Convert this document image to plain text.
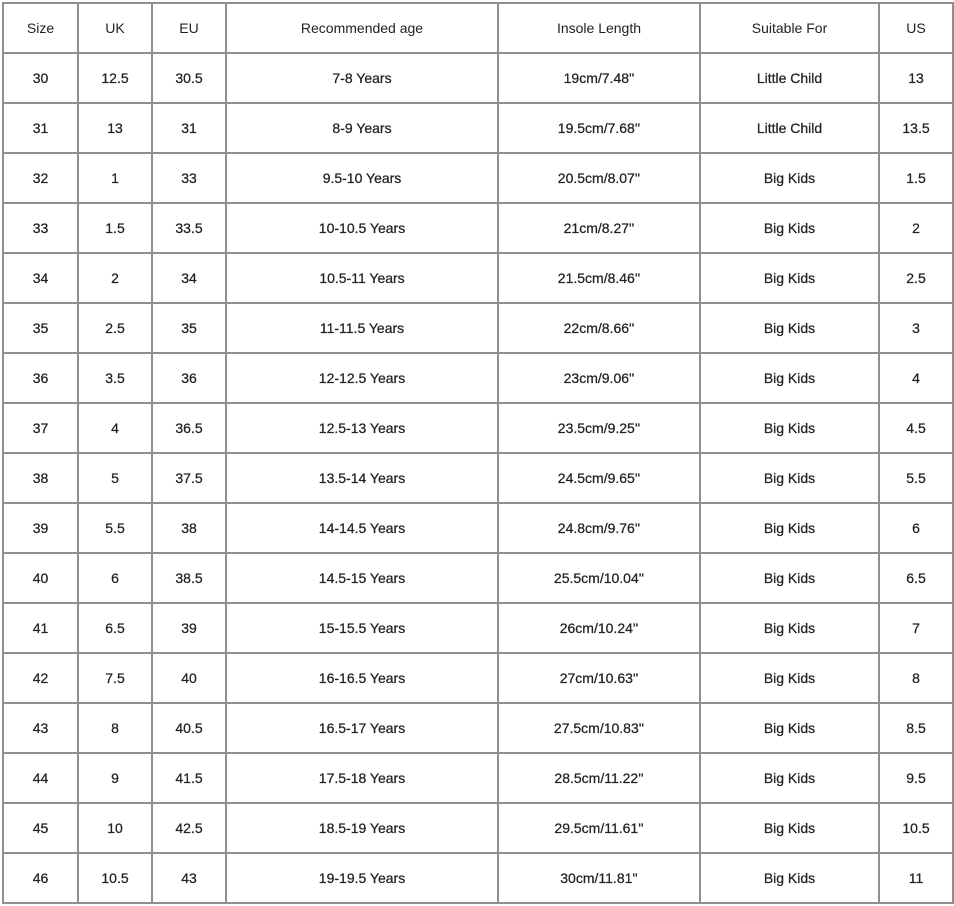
Size	UK	EU	Recommended age	Insole Length	Suitable For	US
30	12.5	30.5	7-8 Years	19cm/7.48''	Little Child	13
31	13	31	8-9 Years	19.5cm/7.68''	Little Child	13.5
32	1	33	9.5-10 Years	20.5cm/8.07''	Big Kids	1.5
33	1.5	33.5	10-10.5 Years	21cm/8.27''	Big Kids	2
34	2	34	10.5-11 Years	21.5cm/8.46''	Big Kids	2.5
35	2.5	35	11-11.5 Years	22cm/8.66''	Big Kids	3
36	3.5	36	12-12.5 Years	23cm/9.06''	Big Kids	4
37	4	36.5	12.5-13 Years	23.5cm/9.25''	Big Kids	4.5
38	5	37.5	13.5-14 Years	24.5cm/9.65''	Big Kids	5.5
39	5.5	38	14-14.5 Years	24.8cm/9.76''	Big Kids	6
40	6	38.5	14.5-15 Years	25.5cm/10.04''	Big Kids	6.5
41	6.5	39	15-15.5 Years	26cm/10.24''	Big Kids	7
42	7.5	40	16-16.5 Years	27cm/10.63''	Big Kids	8
43	8	40.5	16.5-17 Years	27.5cm/10.83''	Big Kids	8.5
44	9	41.5	17.5-18 Years	28.5cm/11.22''	Big Kids	9.5
45	10	42.5	18.5-19 Years	29.5cm/11.61''	Big Kids	10.5
46	10.5	43	19-19.5 Years	30cm/11.81''	Big Kids	11
